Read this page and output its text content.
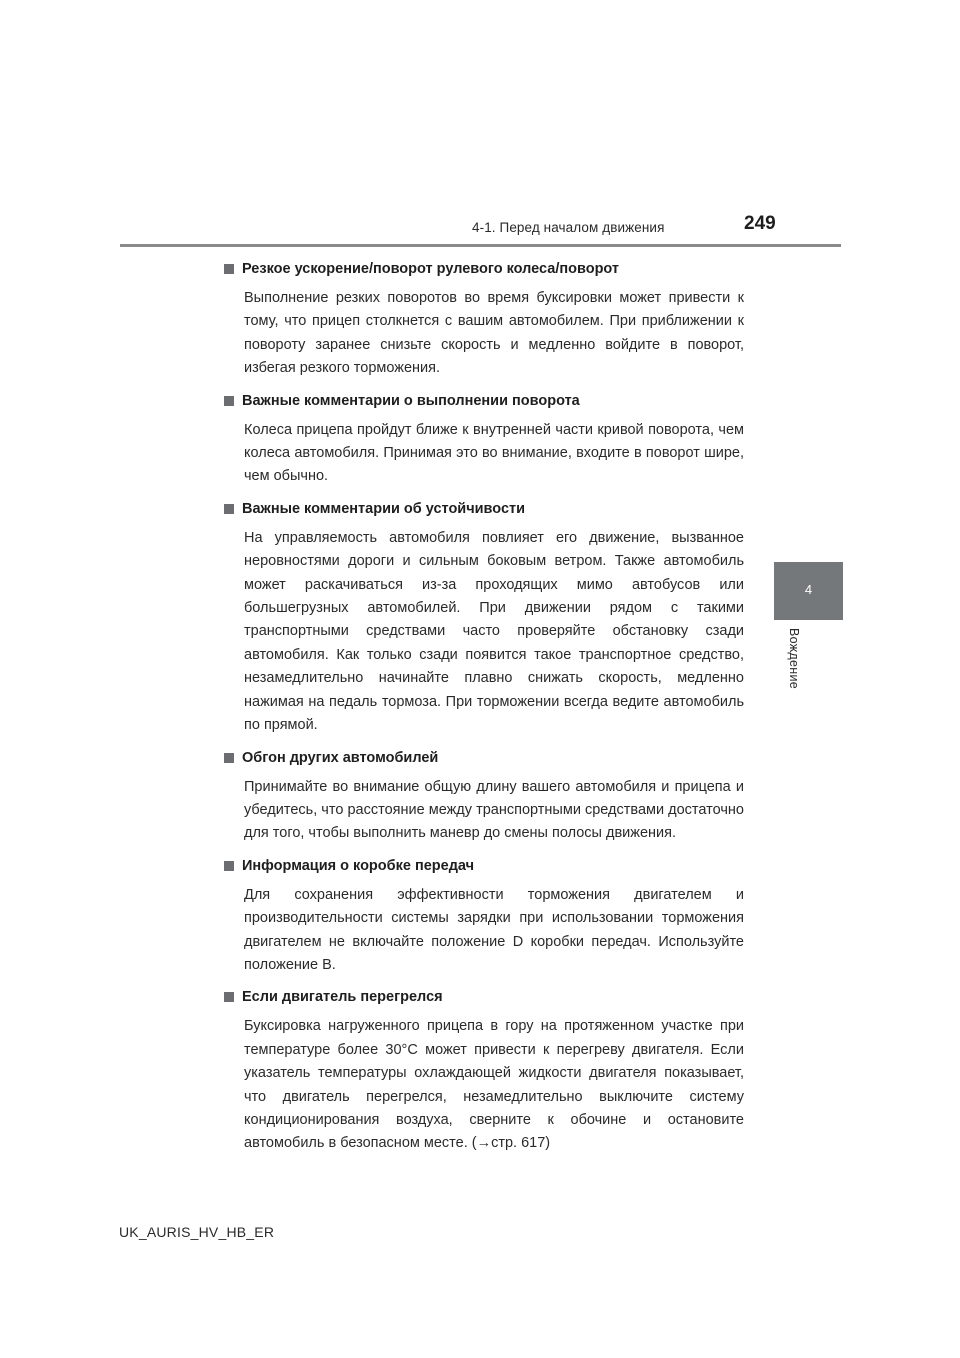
4-1. Перед началом движения	249
4
Вождение
Резкое ускорение/поворот рулевого колеса/поворот
Выполнение резких поворотов во время буксировки может привести к тому, что прицеп столкнется с вашим автомобилем. При приближении к повороту заранее снизьте скорость и медленно войдите в поворот, избегая резкого торможения.
Важные комментарии о выполнении поворота
Колеса прицепа пройдут ближе к внутренней части кривой поворота, чем колеса автомобиля. Принимая это во внимание, входите в поворот шире, чем обычно.
Важные комментарии об устойчивости
На управляемость автомобиля повлияет его движение, вызванное неровностями дороги и сильным боковым ветром. Также автомобиль может раскачиваться из-за проходящих мимо автобусов или большегрузных автомобилей. При движении рядом с такими транспортными средствами часто проверяйте обстановку сзади автомобиля. Как только сзади появится такое транспортное средство, незамедлительно начинайте плавно снижать скорость, медленно нажимая на педаль тормоза. При торможении всегда ведите автомобиль по прямой.
Обгон других автомобилей
Принимайте во внимание общую длину вашего автомобиля и прицепа и убедитесь, что расстояние между транспортными средствами достаточно для того, чтобы выполнить маневр до смены полосы движения.
Информация о коробке передач
Для сохранения эффективности торможения двигателем и производительности системы зарядки при использовании торможения двигателем не включайте положение D коробки передач. Используйте положение B.
Если двигатель перегрелся
Буксировка нагруженного прицепа в гору на протяженном участке при температуре более 30°C может привести к перегреву двигателя. Если указатель температуры охлаждающей жидкости двигателя показывает, что двигатель перегрелся, незамедлительно выключите систему кондиционирования воздуха, сверните к обочине и остановите автомобиль в безопасном месте. (→стр. 617)
UK_AURIS_HV_HB_ER
